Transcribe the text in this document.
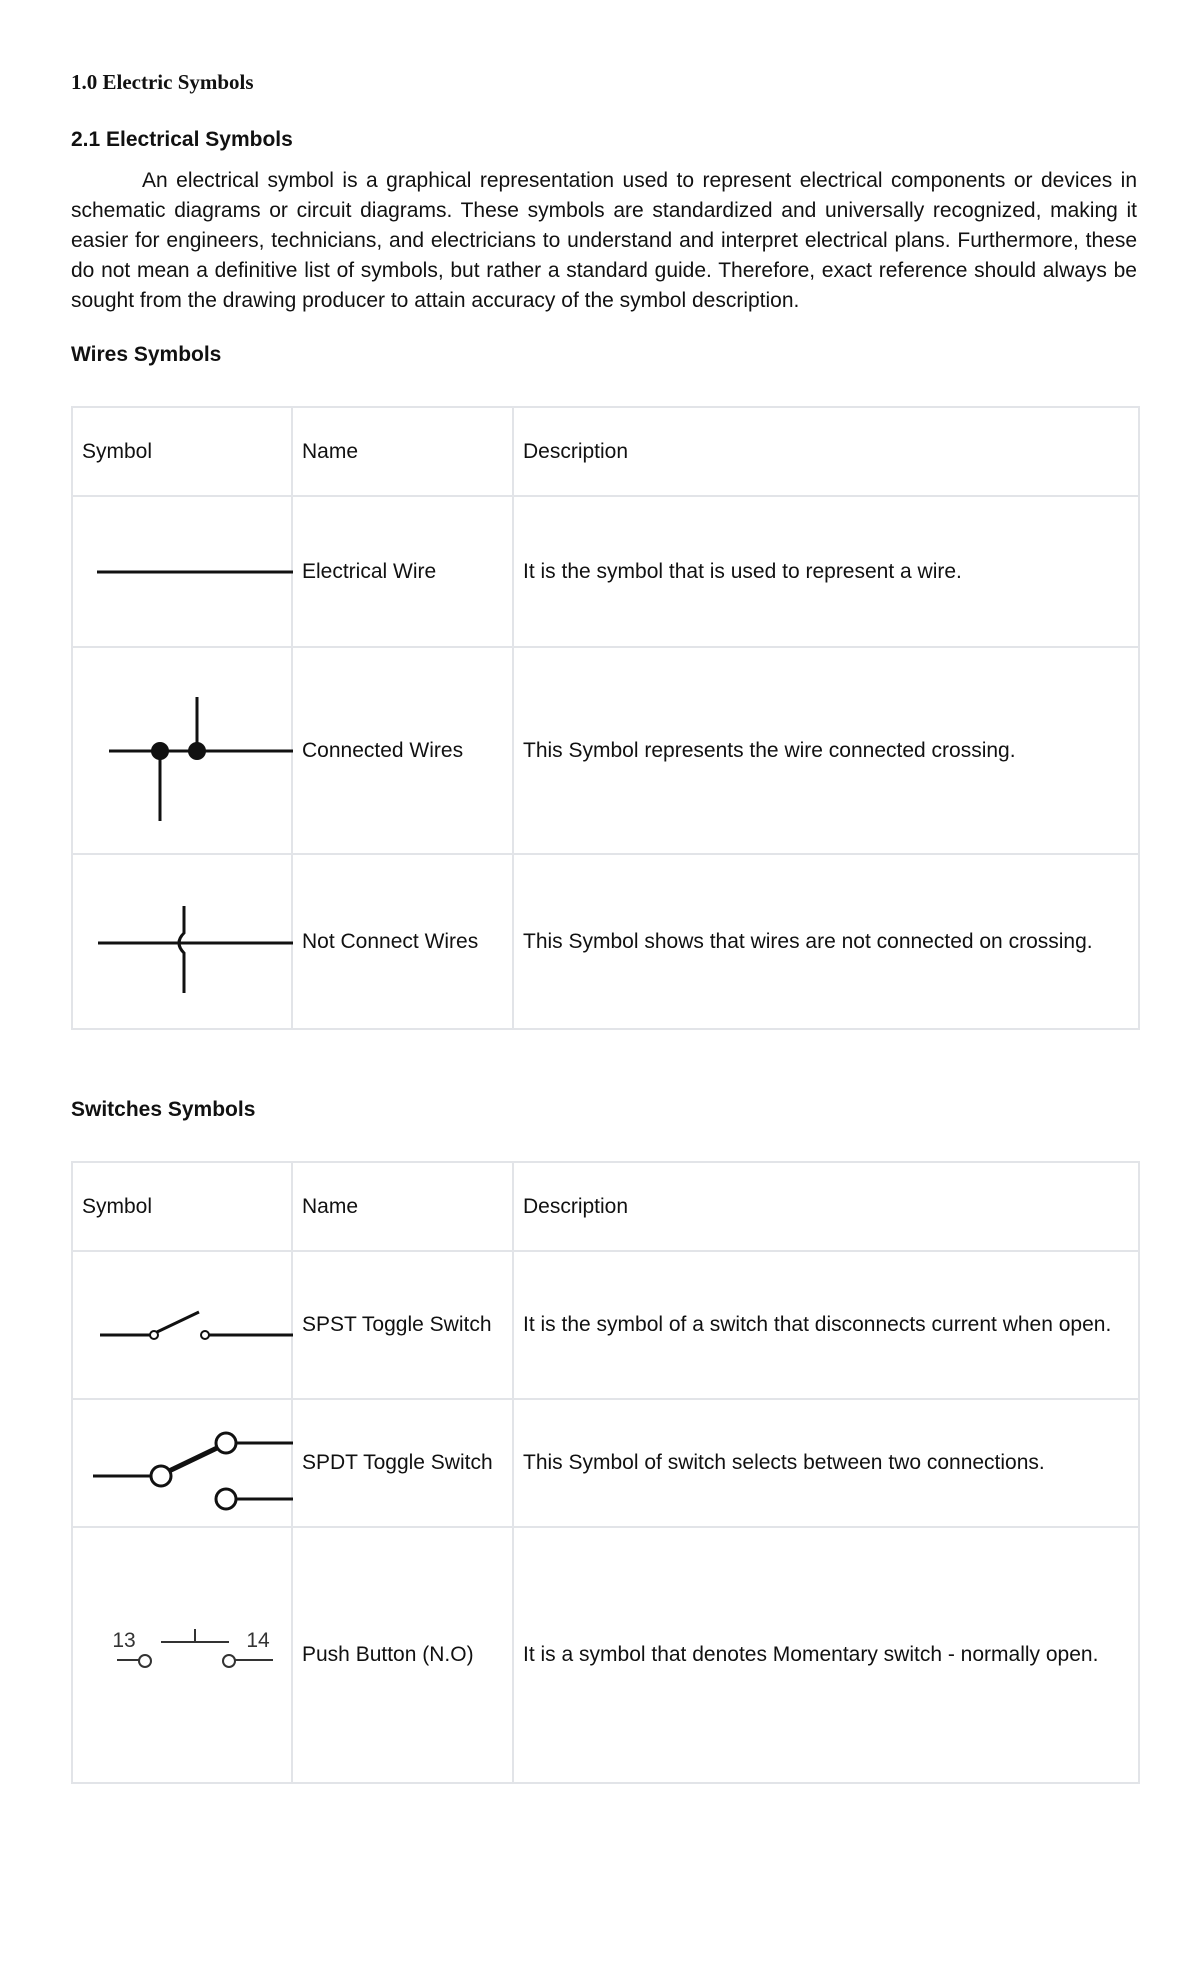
1.0 Electric Symbols
2.1 Electrical Symbols

An electrical symbol is a graphical representation used to represent electrical components or devices in schematic diagrams or circuit diagrams. These symbols are standardized and universally recognized, making it easier for engineers, technicians, and electricians to understand and interpret electrical plans. Furthermore, these do not mean a definitive list of symbols, but rather a standard guide. Therefore, exact reference should always be sought from the drawing producer to attain accuracy of the symbol description.

Wires Symbols
Symbol	Name	Description

	Electrical Wire	It is the symbol that is used to represent a wire.

	Connected Wires	This Symbol represents the wire connected crossing.

	Not Connect Wires	This Symbol shows that wires are not connected on crossing.
Switches Symbols
Symbol	Name	Description

	SPST Toggle Switch	It is the symbol of a switch that disconnects current when open.

	SPDT Toggle Switch	This Symbol of switch selects between two connections.

13 14	Push Button (N.O)	It is a symbol that denotes Momentary switch - normally open.
